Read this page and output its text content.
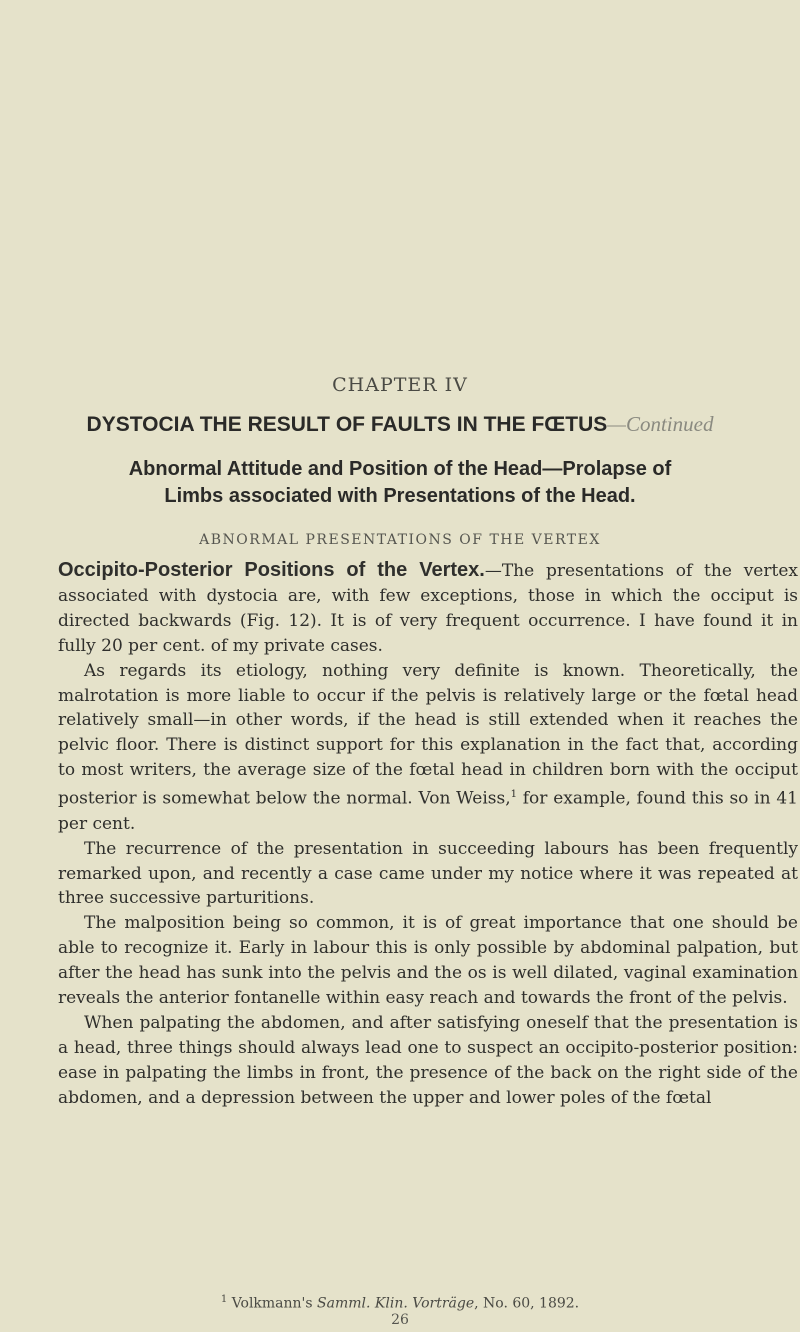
CHAPTER IV
DYSTOCIA THE RESULT OF FAULTS IN THE FŒTUS—Continued
Abnormal Attitude and Position of the Head—Prolapse of
Limbs associated with Presentations of the Head.
ABNORMAL PRESENTATIONS OF THE VERTEX

Occipito-Posterior Positions of the Vertex.—The presentations of the vertex associated with dystocia are, with few exceptions, those in which the occiput is directed backwards (Fig. 12). It is of very frequent occurrence. I have found it in fully 20 per cent. of my private cases.

As regards its etiology, nothing very definite is known. Theoretically, the malrotation is more liable to occur if the pelvis is relatively large or the fœtal head relatively small—in other words, if the head is still extended when it reaches the pelvic floor. There is distinct support for this explanation in the fact that, according to most writers, the average size of the fœtal head in children born with the occiput posterior is somewhat below the normal. Von Weiss,$^1$ for example, found this so in 41 per cent.

The recurrence of the presentation in succeeding labours has been frequently remarked upon, and recently a case came under my notice where it was repeated at three successive parturitions.

The malposition being so common, it is of great importance that one should be able to recognize it. Early in labour this is only possible by abdominal palpation, but after the head has sunk into the pelvis and the os is well dilated, vaginal examination reveals the anterior fontanelle within easy reach and towards the front of the pelvis.

When palpating the abdomen, and after satisfying oneself that the presentation is a head, three things should always lead one to suspect an occipito-posterior position: ease in palpating the limbs in front, the presence of the back on the right side of the abdomen, and a depression between the upper and lower poles of the fœtal

$^1$ Volkmann's Samml. Klin. Vorträge, No. 60, 1892.
26
